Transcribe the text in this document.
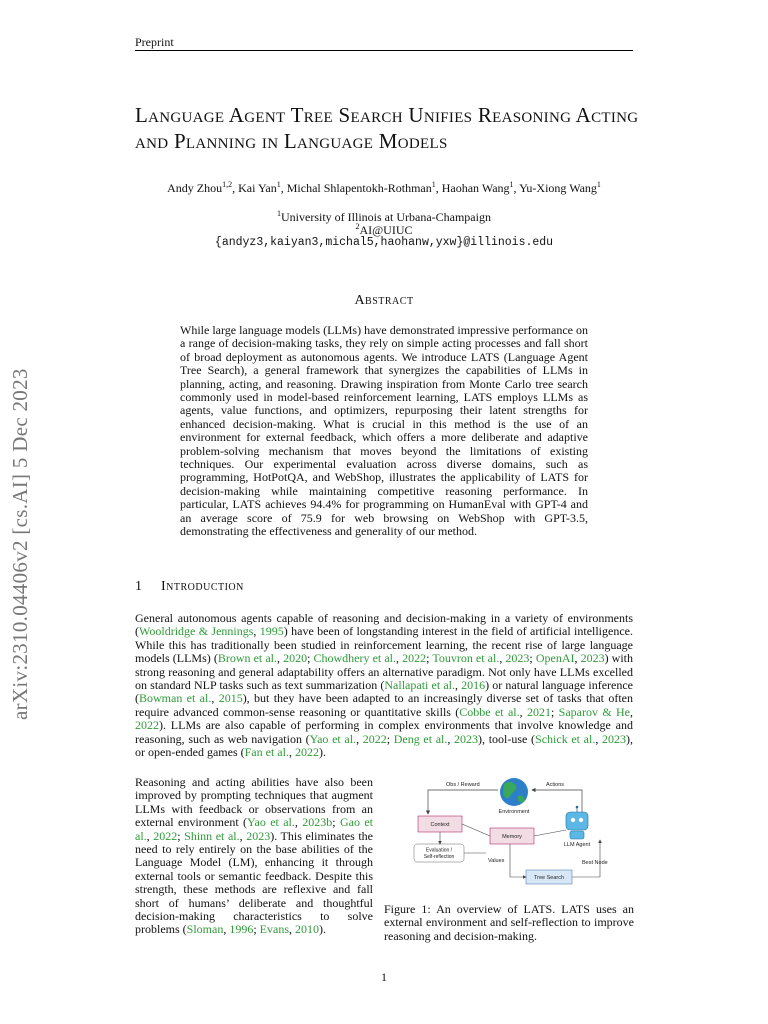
Preprint
arXiv:2310.04406v2 [cs.AI] 5 Dec 2023
Language Agent Tree Search Unifies Reasoning Acting and Planning in Language Models
Andy Zhou$^{1,2}$, Kai Yan$^1$, Michal Shlapentokh-Rothman$^1$, Haohan Wang$^1$, Yu-Xiong Wang$^1$
$^1$University of Illinois at Urbana-Champaign
$^2$AI@UIUC
{andyz3,kaiyan3,michal5,haohanw,yxw}@illinois.edu
Abstract
While large language models (LLMs) have demonstrated impressive performance on a range of decision-making tasks, they rely on simple acting processes and fall short of broad deployment as autonomous agents. We introduce LATS (Language Agent Tree Search), a general framework that synergizes the capabilities of LLMs in planning, acting, and reasoning. Drawing inspiration from Monte Carlo tree search commonly used in model-based reinforcement learning, LATS employs LLMs as agents, value functions, and optimizers, repurposing their latent strengths for enhanced decision-making. What is crucial in this method is the use of an environment for external feedback, which offers a more deliberate and adaptive problem-solving mechanism that moves beyond the limitations of existing techniques. Our experimental evaluation across diverse domains, such as programming, HotPotQA, and WebShop, illustrates the applicability of LATS for decision-making while maintaining competitive reasoning performance. In particular, LATS achieves 94.4% for programming on HumanEval with GPT-4 and an average score of 75.9 for web browsing on WebShop with GPT-3.5, demonstrating the effectiveness and generality of our method.
1 Introduction
General autonomous agents capable of reasoning and decision-making in a variety of environments (Wooldridge & Jennings, 1995) have been of longstanding interest in the field of artificial intelligence. While this has traditionally been studied in reinforcement learning, the recent rise of large language models (LLMs) (Brown et al., 2020; Chowdhery et al., 2022; Touvron et al., 2023; OpenAI, 2023) with strong reasoning and general adaptability offers an alternative paradigm. Not only have LLMs excelled on standard NLP tasks such as text summarization (Nallapati et al., 2016) or natural language inference (Bowman et al., 2015), but they have been adapted to an increasingly diverse set of tasks that often require advanced common-sense reasoning or quantitative skills (Cobbe et al., 2021; Saparov & He, 2022). LLMs are also capable of performing in complex environments that involve knowledge and reasoning, such as web navigation (Yao et al., 2022; Deng et al., 2023), tool-use (Schick et al., 2023), or open-ended games (Fan et al., 2022).
Reasoning and acting abilities have also been improved by prompting techniques that augment LLMs with feedback or observations from an external environment (Yao et al., 2023b; Gao et al., 2022; Shinn et al., 2023). This eliminates the need to rely entirely on the base abilities of the Language Model (LM), enhancing it through external tools or semantic feedback. Despite this strength, these methods are reflexive and fall short of humans’ deliberate and thoughtful decision-making characteristics to solve problems (Sloman, 1996; Evans, 2010).
Obs / Reward	Actions
Environment
Context
Memory
Evaluation /
Self-reflection
LLM Agent
Tree Search
Values	Best Node
Figure 1: An overview of LATS. LATS uses an external environment and self-reflection to improve reasoning and decision-making.
1
